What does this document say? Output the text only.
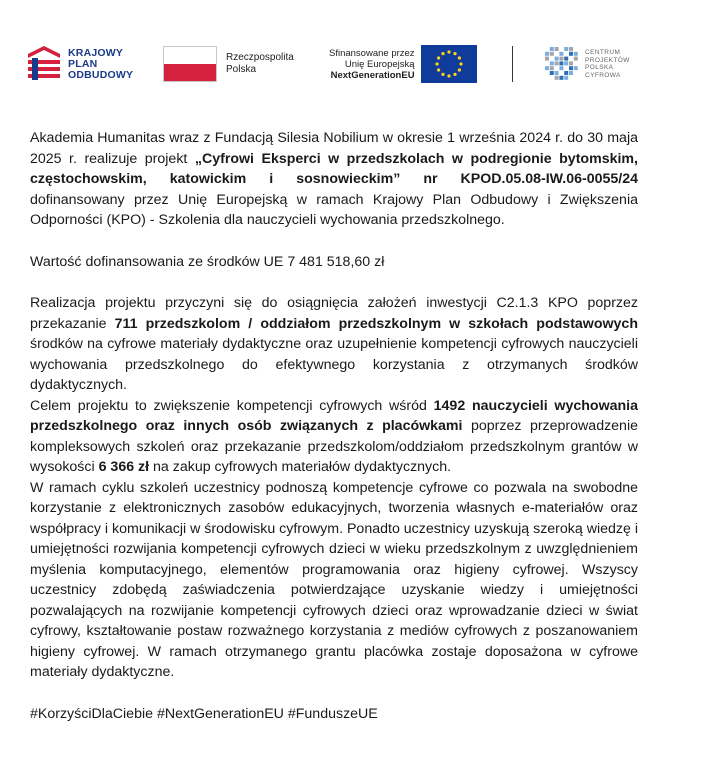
KRAJOWY
PLAN
ODBUDOWY
Rzeczpospolita
Polska
Sfinansowane przez
Unię Europejską
NextGenerationEU
CENTRUM
PROJEKTÓW
POLSKA
CYFROWA

Akademia Humanitas wraz z Fundacją Silesia Nobilium w okresie 1 września 2024 r. do 30 maja 2025 r. realizuje projekt „Cyfrowi Eksperci w przedszkolach w podregionie bytomskim, częstochowskim, katowickim i sosnowieckim” nr KPOD.05.08-IW.06-0055/24 dofinansowany przez Unię Europejską w ramach Krajowy Plan Odbudowy i Zwiększenia Odporności (KPO) - Szkolenia dla nauczycieli wychowania przedszkolnego.

Wartość dofinansowania ze środków UE 7 481 518,60 zł

Realizacja projektu przyczyni się do osiągnięcia założeń inwestycji C2.1.3 KPO poprzez przekazanie 711 przedszkolom / oddziałom przedszkolnym w szkołach podstawowych środków na cyfrowe materiały dydaktyczne oraz uzupełnienie kompetencji cyfrowych nauczycieli wychowania przedszkolnego do efektywnego korzystania z otrzymanych środków dydaktycznych.

Celem projektu to zwiększenie kompetencji cyfrowych wśród 1492 nauczycieli wychowania przedszkolnego oraz innych osób związanych z placówkami poprzez przeprowadzenie kompleksowych szkoleń oraz przekazanie przedszkolom/oddziałom przedszkolnym grantów w wysokości 6 366 zł na zakup cyfrowych materiałów dydaktycznych.

W ramach cyklu szkoleń uczestnicy podnoszą kompetencje cyfrowe co pozwala na swobodne korzystanie z elektronicznych zasobów edukacyjnych, tworzenia własnych e-materiałów oraz współpracy i komunikacji w środowisku cyfrowym. Ponadto uczestnicy uzyskują szeroką wiedzę i umiejętności rozwijania kompetencji cyfrowych dzieci w wieku przedszkolnym z uwzględnieniem myślenia komputacyjnego, elementów programowania oraz higieny cyfrowej. Wszyscy uczestnicy zdobędą zaświadczenia potwierdzające uzyskanie wiedzy i umiejętności pozwalających na rozwijanie kompetencji cyfrowych dzieci oraz wprowadzanie dzieci w świat cyfrowy, kształtowanie postaw rozważnego korzystania z mediów cyfrowych z poszanowaniem higieny cyfrowej. W ramach otrzymanego grantu placówka zostaje doposażona w cyfrowe materiały dydaktyczne.

#KorzyściDlaCiebie #NextGenerationEU #FunduszeUE
